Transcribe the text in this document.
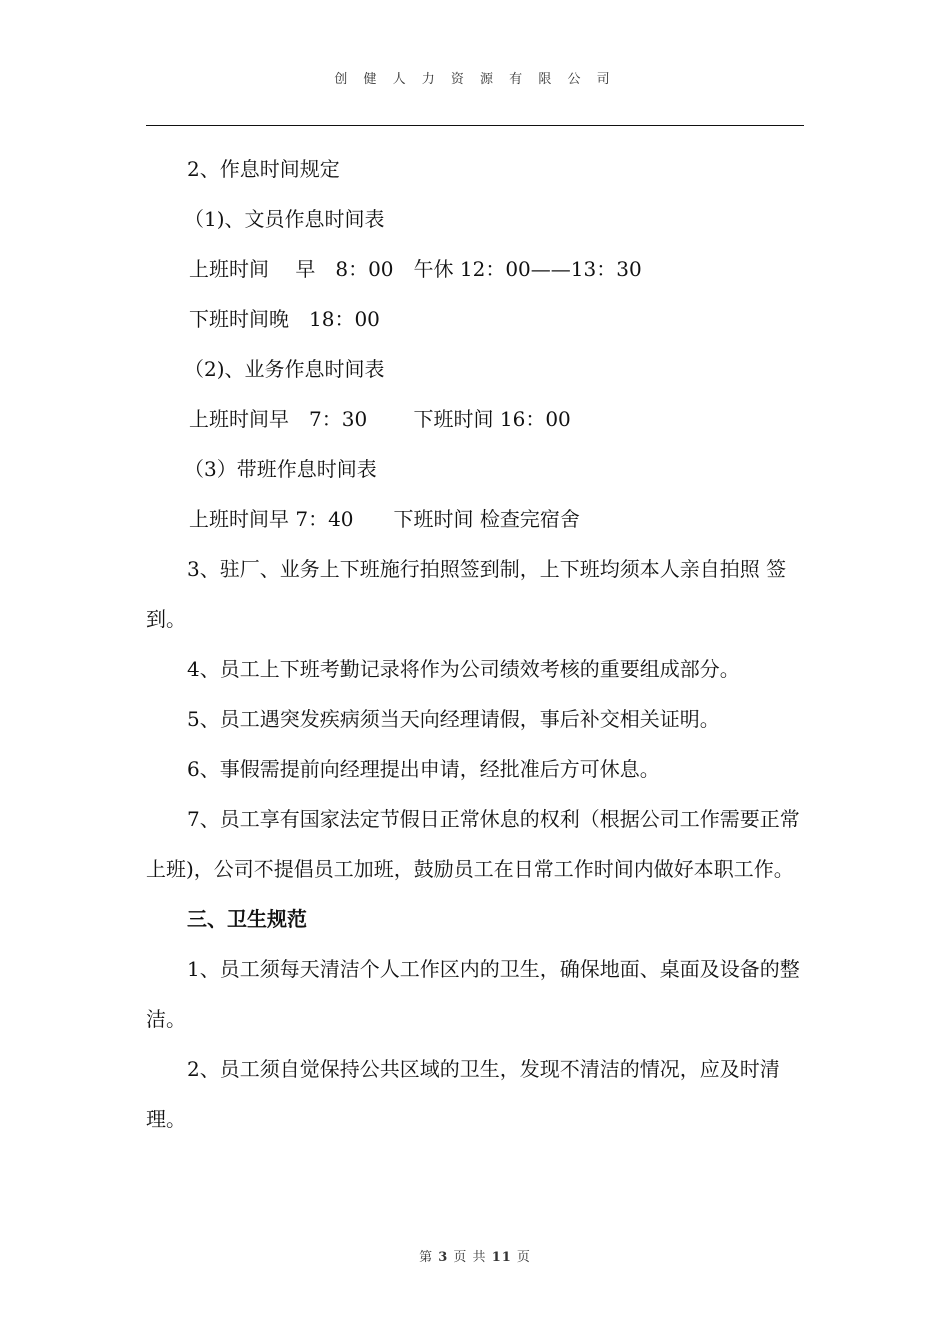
创 健 人 力 资 源 有 限 公 司

2、作息时间规定

（1)、文员作息时间表

上班时间　 早　8：00　午休 12：00——13：30

下班时间晚　18：00

（2)、业务作息时间表

上班时间早　7：30　　 下班时间 16：00

（3）带班作息时间表

上班时间早 7：40　　下班时间 检查完宿舍

3、驻厂、业务上下班施行拍照签到制，上下班均须本人亲自拍照 签到。

4、员工上下班考勤记录将作为公司绩效考核的重要组成部分。

5、员工遇突发疾病须当天向经理请假，事后补交相关证明。

6、事假需提前向经理提出申请，经批准后方可休息。

7、员工享有国家法定节假日正常休息的权利（根据公司工作需要正常上班)，公司不提倡员工加班，鼓励员工在日常工作时间内做好本职工作。

三、卫生规范

1、员工须每天清洁个人工作区内的卫生，确保地面、桌面及设备的整洁。

2、员工须自觉保持公共区域的卫生，发现不清洁的情况，应及时清理。

第 3 页 共 11 页
